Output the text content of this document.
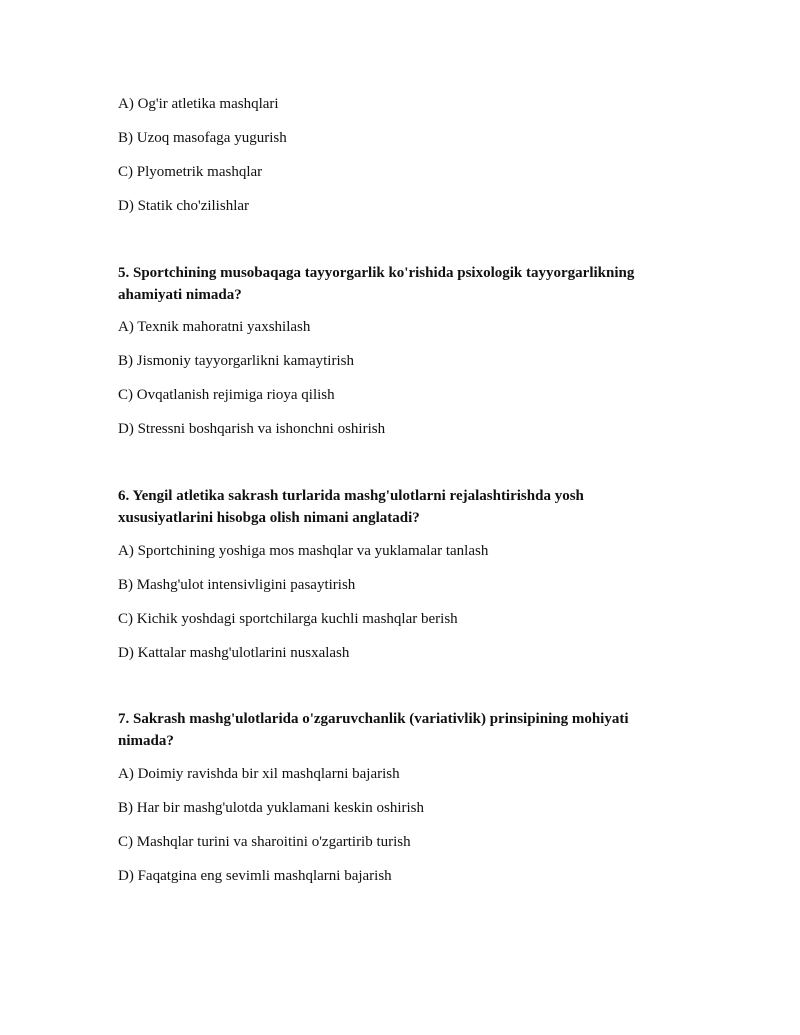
A) Og'ir atletika mashqlari
B) Uzoq masofaga yugurish
C) Plyometrik mashqlar
D) Statik cho'zilishlar
5. Sportchining musobaqaga tayyorgarlik ko'rishida psixologik tayyorgarlikning ahamiyati nimada?
A) Texnik mahoratni yaxshilash
B) Jismoniy tayyorgarlikni kamaytirish
C) Ovqatlanish rejimiga rioya qilish
D) Stressni boshqarish va ishonchni oshirish
6. Yengil atletika sakrash turlarida mashg'ulotlarni rejalashtirishda yosh xususiyatlarini hisobga olish nimani anglatadi?
A) Sportchining yoshiga mos mashqlar va yuklamalar tanlash
B) Mashg'ulot intensivligini pasaytirish
C) Kichik yoshdagi sportchilarga kuchli mashqlar berish
D) Kattalar mashg'ulotlarini nusxalash
7. Sakrash mashg'ulotlarida o'zgaruvchanlik (variativlik) prinsipining mohiyati nimada?
A) Doimiy ravishda bir xil mashqlarni bajarish
B) Har bir mashg'ulotda yuklamani keskin oshirish
C) Mashqlar turini va sharoitini o'zgartirib turish
D) Faqatgina eng sevimli mashqlarni bajarish
